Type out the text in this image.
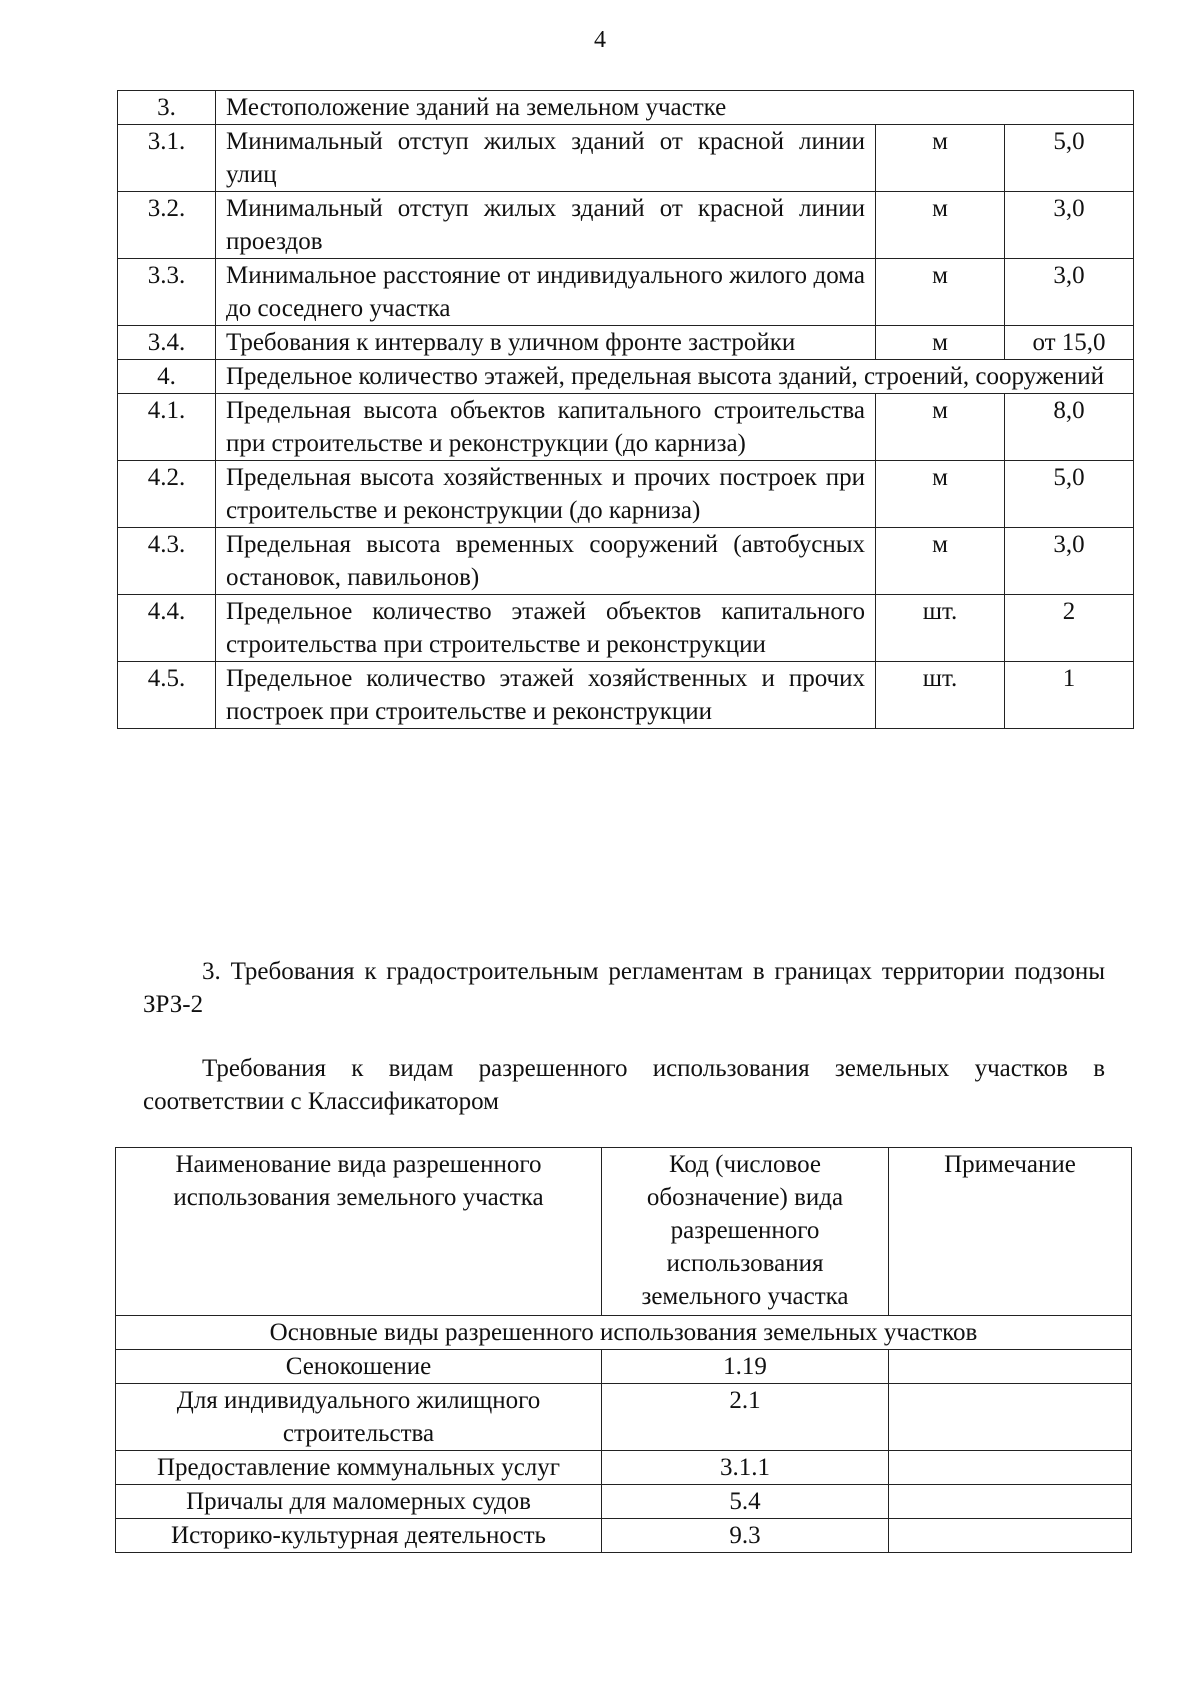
4
3.	Местоположение зданий на земельном участке		
3.1.	Минимальный отступ жилых зданий от красной линии улиц	м	5,0
3.2.	Минимальный отступ жилых зданий от красной линии проездов	м	3,0
3.3.	Минимальное расстояние от индивидуального жилого дома до соседнего участка	м	3,0
3.4.	Требования к интервалу в уличном фронте застройки	м	от 15,0
4.	Предельное количество этажей, предельная высота зданий, строений, сооружений		
4.1.	Предельная высота объектов капитального строительства при строительстве и реконструкции (до карниза)	м	8,0
4.2.	Предельная высота хозяйственных и прочих построек при строительстве и реконструкции (до карниза)	м	5,0
4.3.	Предельная высота временных сооружений (автобусных остановок, павильонов)	м	3,0
4.4.	Предельное количество этажей объектов капитального строительства при строительстве и реконструкции	шт.	2
4.5.	Предельное количество этажей хозяйственных и прочих построек при строительстве и реконструкции	шт.	1

3. Требования к градостроительным регламентам в границах территории подзоны ЗРЗ-2

Требования к видам разрешенного использования земельных участков в соответствии с Классификатором

Наименование вида разрешенного использования земельного участка	Код (числовое обозначение) вида разрешенного использования земельного участка	Примечание
Основные виды разрешенного использования земельных участков		
Сенокошение	1.19	
Для индивидуального жилищного строительства	2.1	
Предоставление коммунальных услуг	3.1.1	
Причалы для маломерных судов	5.4	
Историко-культурная деятельность	9.3	
